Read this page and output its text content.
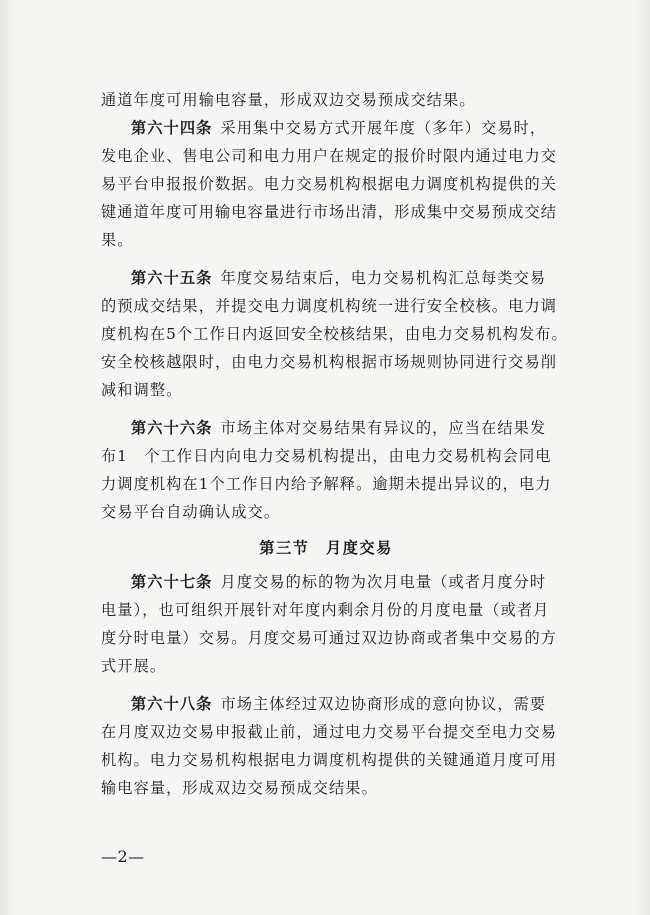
通道年度可用输电容量，形成双边交易预成交结果。
第六十四条 采用集中交易方式开展年度（多年）交易时，
发电企业、售电公司和电力用户在规定的报价时限内通过电力交
易平台申报报价数据。电力交易机构根据电力调度机构提供的关
键通道年度可用输电容量进行市场出清，形成集中交易预成交结
果。
第六十五条 年度交易结束后，电力交易机构汇总每类交易
的预成交结果，并提交电力调度机构统一进行安全校核。电力调
度机构在5个工作日内返回安全校核结果，由电力交易机构发布。
安全校核越限时，由电力交易机构根据市场规则协同进行交易削
减和调整。
第六十六条 市场主体对交易结果有异议的，应当在结果发
布1　个工作日内向电力交易机构提出，由电力交易机构会同电
力调度机构在1个工作日内给予解释。逾期未提出异议的，电力
交易平台自动确认成交。
第三节　月度交易
第六十七条 月度交易的标的物为次月电量（或者月度分时
电量），也可组织开展针对年度内剩余月份的月度电量（或者月
度分时电量）交易。月度交易可通过双边协商或者集中交易的方
式开展。
第六十八条 市场主体经过双边协商形成的意向协议，需要
在月度双边交易申报截止前，通过电力交易平台提交至电力交易
机构。电力交易机构根据电力调度机构提供的关键通道月度可用
输电容量，形成双边交易预成交结果。
—2—
